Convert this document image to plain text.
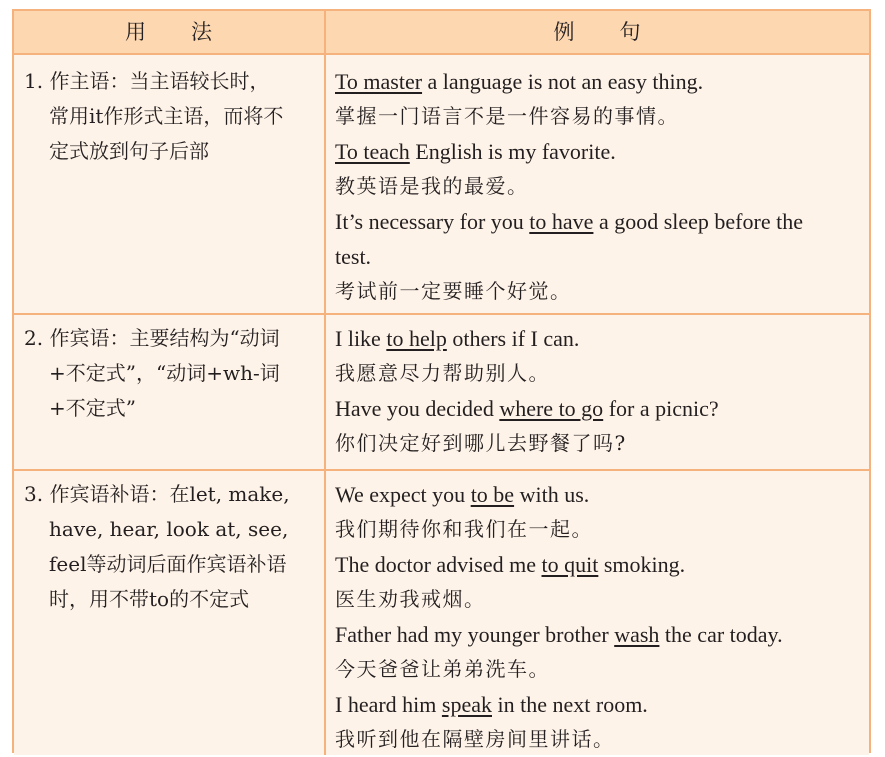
用　　法	例　　句
1. 作主语：当主语较长时，
常用it作形式主语，而将不
定式放到句子后部
To master a language is not an easy thing.
掌握一门语言不是一件容易的事情。
To teach English is my favorite.
教英语是我的最爱。
It’s necessary for you to have a good sleep before the
test.
考试前一定要睡个好觉。
2. 作宾语：主要结构为“动词
+不定式”，“动词+wh-词
+不定式”
I like to help others if I can.
我愿意尽力帮助别人。
Have you decided where to go for a picnic?
你们决定好到哪儿去野餐了吗?
3. 作宾语补语：在let, make,
have, hear, look at, see,
feel等动词后面作宾语补语
时，用不带to的不定式
We expect you to be with us.
我们期待你和我们在一起。
The doctor advised me to quit smoking.
医生劝我戒烟。
Father had my younger brother wash the car today.
今天爸爸让弟弟洗车。
I heard him speak in the next room.
我听到他在隔壁房间里讲话。
